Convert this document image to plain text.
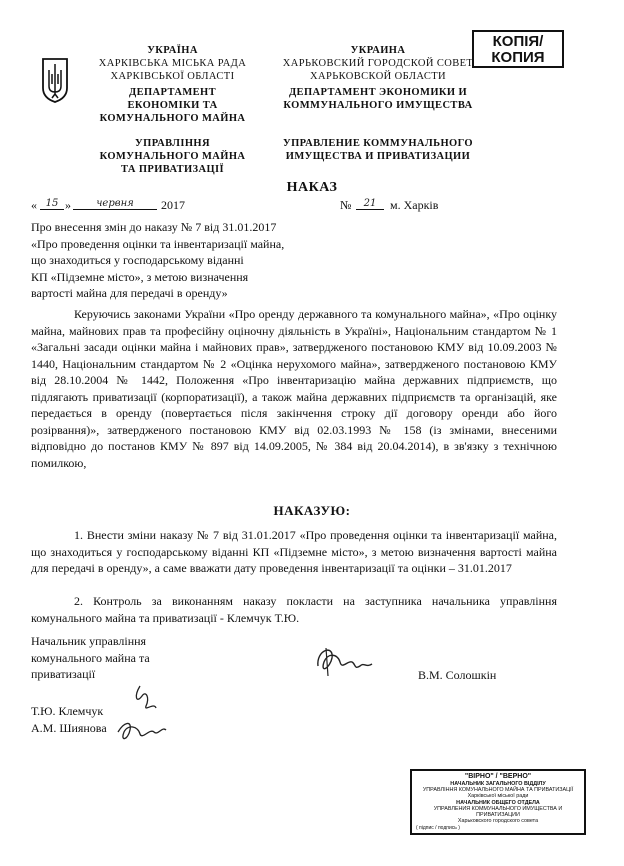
УКРАЇНА
ХАРКІВСЬКА МІСЬКА РАДА
ХАРКІВСЬКОЇ ОБЛАСТІ
ДЕПАРТАМЕНТ
ЕКОНОМІКИ ТА
КОМУНАЛЬНОГО МАЙНА
УПРАВЛІННЯ
КОМУНАЛЬНОГО МАЙНА
ТА ПРИВАТИЗАЦІЇ
УКРАИНА
ХАРЬКОВСКИЙ ГОРОДСКОЙ СОВЕТ
ХАРЬКОВСКОЙ ОБЛАСТИ
ДЕПАРТАМЕНТ ЭКОНОМИКИ И
КОММУНАЛЬНОГО ИМУЩЕСТВА
УПРАВЛЕНИЕ КОММУНАЛЬНОГО
ИМУЩЕСТВА И ПРИВАТИЗАЦИИ
КОПІЯ/
КОПИЯ
НАКАЗ
« 15 »	червня	2017	№	21	м. Харків
Про внесення змін до наказу № 7 від 31.01.2017
«Про проведення оцінки та інвентаризації майна,
що знаходиться у господарському віданні
КП «Підземне місто», з метою визначення
вартості майна для передачі в оренду»
Керуючись законами України «Про оренду державного та комунального майна», «Про оцінку майна, майнових прав та професійну оціночну діяльність в Україні», Національним стандартом № 1 «Загальні засади оцінки майна і майнових прав», затвердженого постановою КМУ від 10.09.2003 № 1440, Національним стандартом № 2 «Оцінка нерухомого майна», затвердженого постановою КМУ від 28.10.2004 № 1442, Положення «Про інвентаризацію майна державних підприємств, що підлягають приватизації (корпоратизації), а також майна державних підприємств та організацій, яке передається в оренду (повертається після закінчення строку дії договору оренди або його розірвання)», затвердженого постановою КМУ від 02.03.1993 № 158 (із змінами, внесеними відповідно до постанов КМУ № 897 від 14.09.2005, № 384 від 20.04.2014), в зв'язку з технічною помилкою,
НАКАЗУЮ:
1. Внести зміни наказу № 7 від 31.01.2017 «Про проведення оцінки та інвентаризації майна, що знаходиться у господарському віданні КП «Підземне місто», з метою визначення вартості майна для передачі в оренду», а саме вважати дату проведення інвентаризації та оцінки – 31.01.2017
2. Контроль за виконанням наказу покласти на заступника начальника управління комунального майна та приватизації - Клемчук Т.Ю.
Начальник управління
комунального майна та
приватизації	В.М. Солошкін
Т.Ю. Клемчук
А.М. Шиянова
"ВІРНО" / "ВЕРНО"
НАЧАЛЬНИК ЗАГАЛЬНОГО ВІДДІЛУ
УПРАВЛІННЯ КОМУНАЛЬНОГО МАЙНА ТА ПРИВАТИЗАЦІЇ
Харківської міської ради
НАЧАЛЬНИК ОБЩЕГО ОТДЕЛА
УПРАВЛЕНИЯ КОММУНАЛЬНОГО ИМУЩЕСТВА И ПРИВАТИЗАЦИИ
Харьковского городского совета
( підпис / подпись )
